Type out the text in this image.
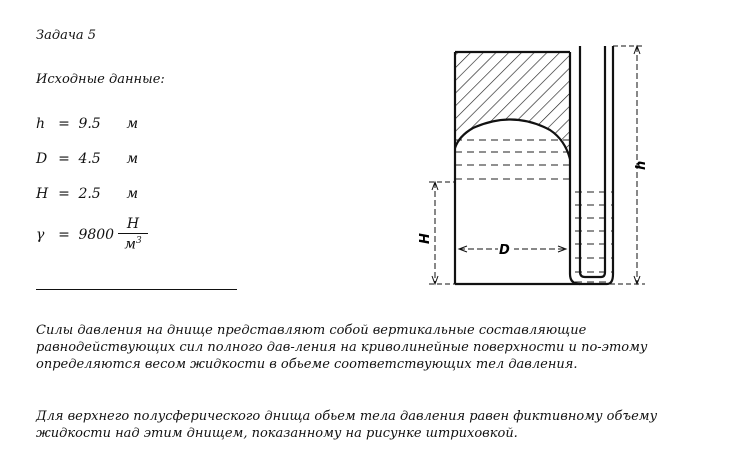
Задача 5
Исходные данные:
h = 9.5 м
D = 4.5 м
H = 2.5 м
γ = 9800
Н
$м^3$	H
D
h
Силы давления на днище представляют собой вертикальные составляющие равнодействующих сил полного дав-ления на криволинейные поверхности и по-этому определяются весом жидкости в обьеме соответствующих тел давления.
Для верхнего полусферического днища обьем тела давления равен фиктивному объему жидкости над этим днищем, показанному на рисунке штриховкой.
